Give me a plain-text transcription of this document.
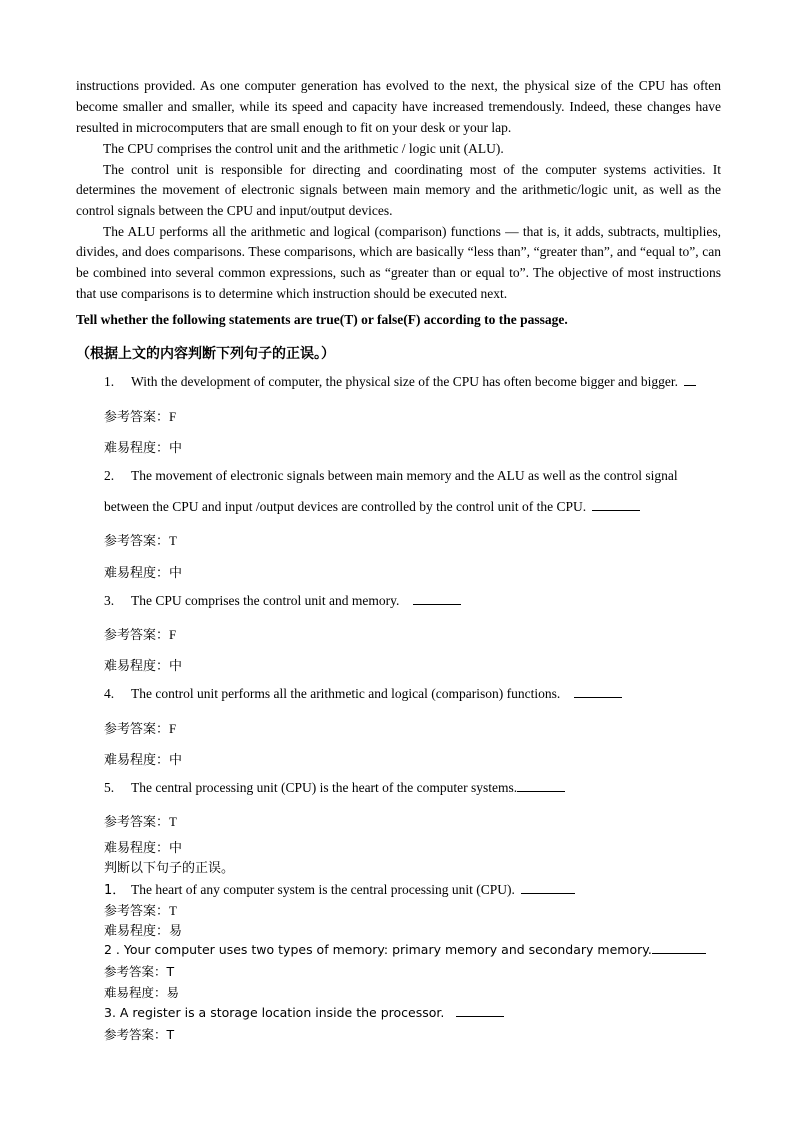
instructions provided. As one computer generation has evolved to the next, the physical size of the CPU has often become smaller and smaller, while its speed and capacity have increased tremendously. Indeed, these changes have resulted in microcomputers that are small enough to fit on your desk or your lap.
The CPU comprises the control unit and the arithmetic / logic unit (ALU).
The control unit is responsible for directing and coordinating most of the computer systems activities. It determines the movement of electronic signals between main memory and the arithmetic/logic unit, as well as the control signals between the CPU and input/output devices.
The ALU performs all the arithmetic and logical (comparison) functions — that is, it adds, subtracts, multiplies, divides, and does comparisons. These comparisons, which are basically “less than”, “greater than”, and “equal to”, can be combined into several common expressions, such as “greater than or equal to”. The objective of most instructions that use comparisons is to determine which instruction should be executed next.
Tell whether the following statements are true(T) or false(F) according to the passage.
（根据上文的内容判断下列句子的正误。）
1. With the development of computer, the physical size of the CPU has often become bigger and bigger.
参考答案：F
难易程度：中
2. The movement of electronic signals between main memory and the ALU as well as the control signal
between the CPU and input /output devices are controlled by the control unit of the CPU.
参考答案：T
难易程度：中
3. The CPU comprises the control unit and memory.
参考答案：F
难易程度：中
4. The control unit performs all the arithmetic and logical (comparison) functions.
参考答案：F
难易程度：中
5. The central processing unit (CPU) is the heart of the computer systems.
参考答案：T
难易程度：中
判断以下句子的正误。
1． The heart of any computer system is the central processing unit (CPU).
参考答案：T
难易程度：易
2 . Your computer uses two types of memory: primary memory and secondary memory.
参考答案：T
难易程度：易
3. A register is a storage location inside the processor.
参考答案：T
